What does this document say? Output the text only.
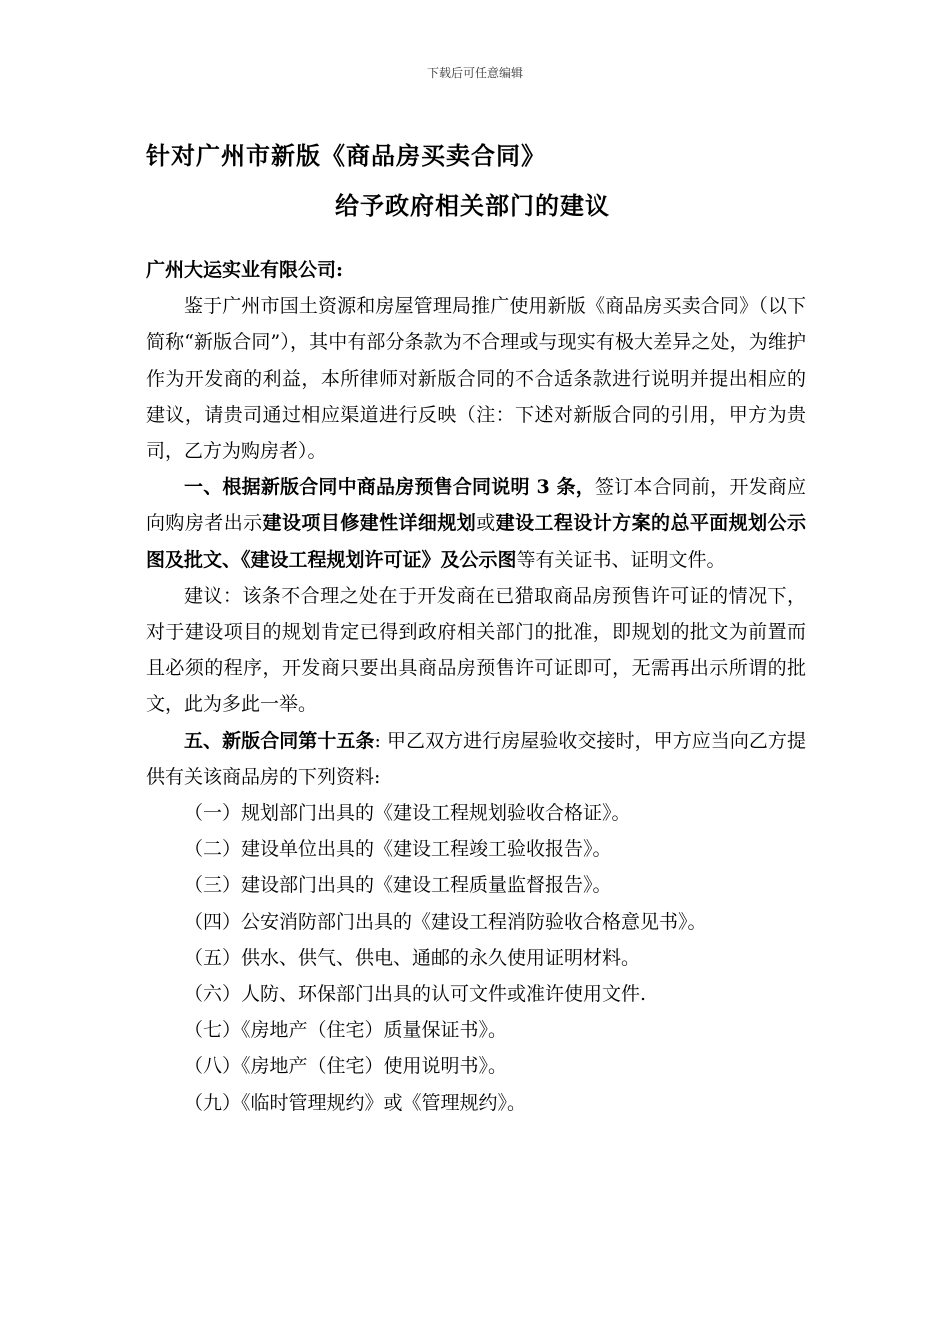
下载后可任意编辑
针对广州市新版《商品房买卖合同》
给予政府相关部门的建议

广州大运实业有限公司:

鉴于广州市国土资源和房屋管理局推广使用新版《商品房买卖合同》（以下简称“新版合同”），其中有部分条款为不合理或与现实有极大差异之处，为维护作为开发商的利益，本所律师对新版合同的不合适条款进行说明并提出相应的建议，请贵司通过相应渠道进行反映（注：下述对新版合同的引用，甲方为贵司，乙方为购房者）。

一、根据新版合同中商品房预售合同说明 3 条，签订本合同前，开发商应向购房者出示建设项目修建性详细规划或建设工程设计方案的总平面规划公示图及批文、《建设工程规划许可证》及公示图等有关证书、证明文件。

建议：该条不合理之处在于开发商在已猎取商品房预售许可证的情况下，对于建设项目的规划肯定已得到政府相关部门的批准，即规划的批文为前置而且必须的程序，开发商只要出具商品房预售许可证即可，无需再出示所谓的批文，此为多此一举。

五、新版合同第十五条: 甲乙双方进行房屋验收交接时，甲方应当向乙方提供有关该商品房的下列资料:

（一）规划部门出具的《建设工程规划验收合格证》。

（二）建设单位出具的《建设工程竣工验收报告》。

（三）建设部门出具的《建设工程质量监督报告》。

（四）公安消防部门出具的《建设工程消防验收合格意见书》。

（五）供水、供气、供电、通邮的永久使用证明材料。

（六）人防、环保部门出具的认可文件或准许使用文件.

（七）《房地产（住宅）质量保证书》。

（八）《房地产（住宅）使用说明书》。

（九）《临时管理规约》或《管理规约》。
